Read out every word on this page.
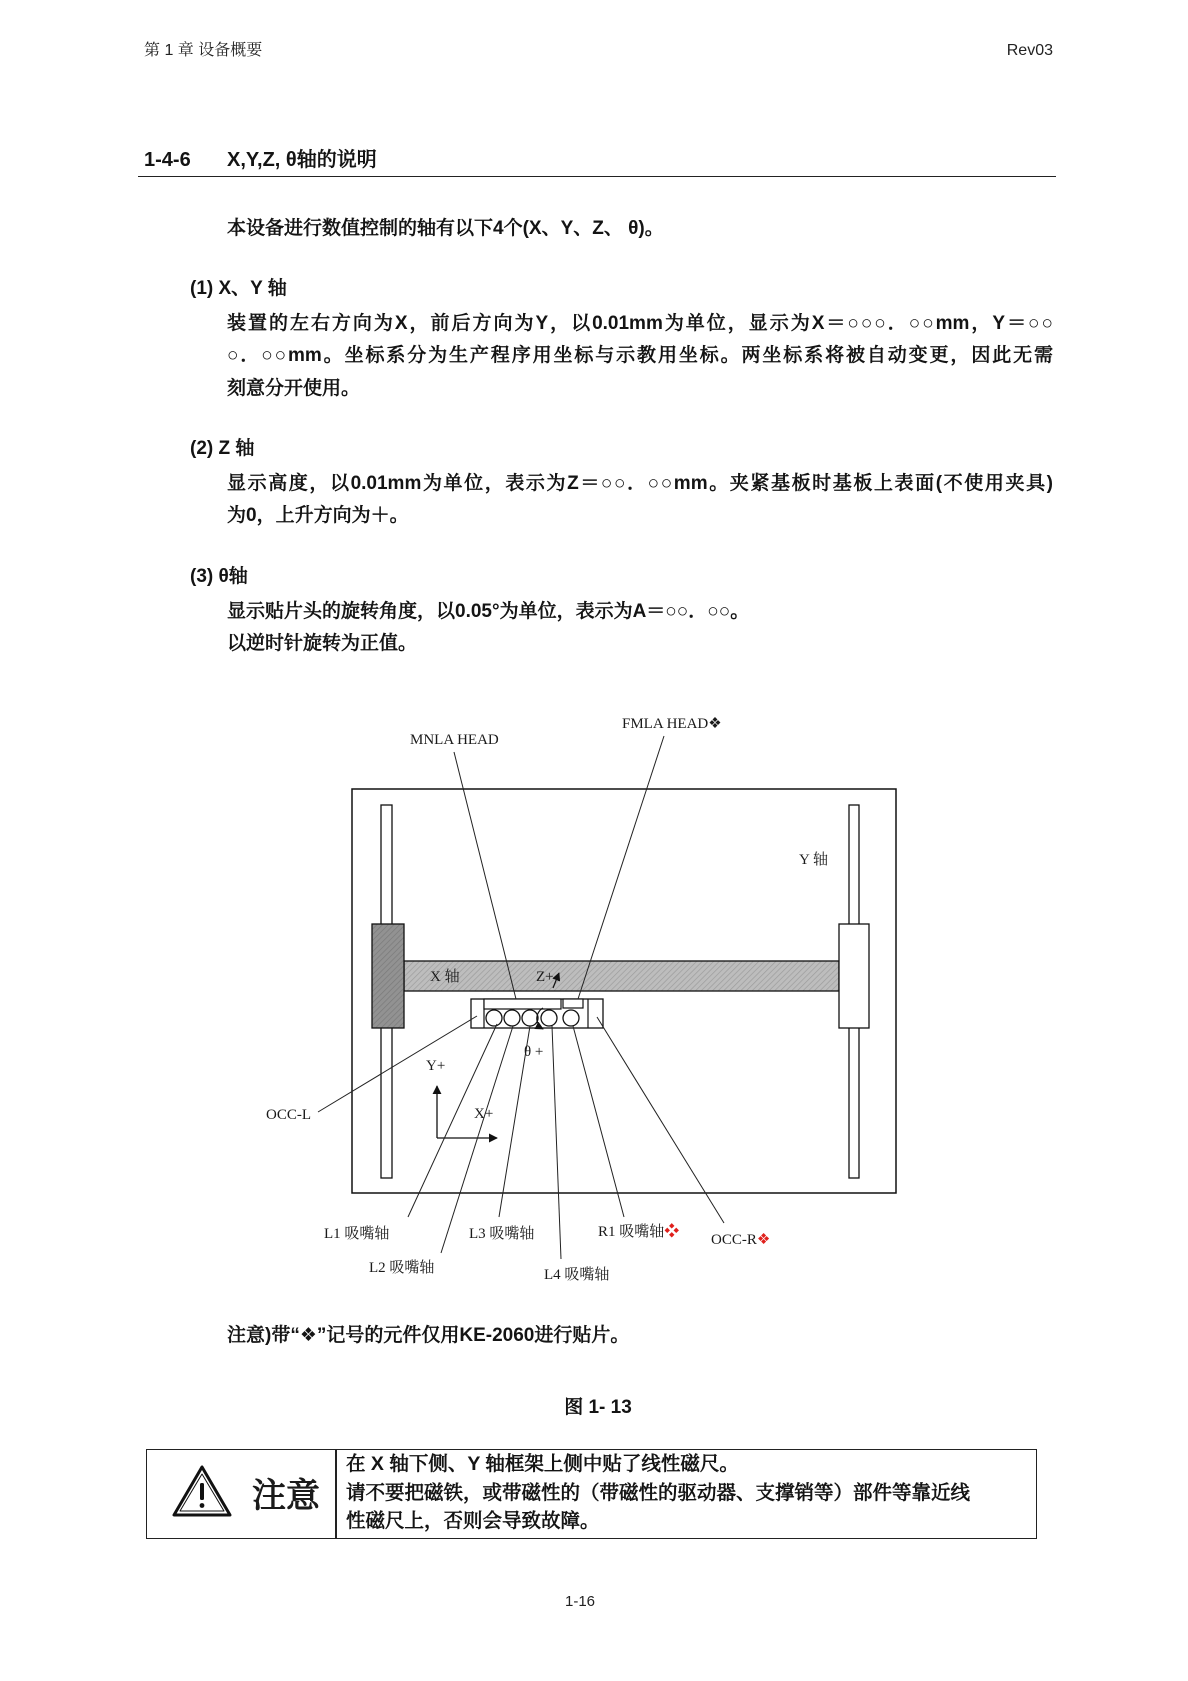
第 1 章 设备概要	Rev03
1-4-6 X,Y,Z, θ轴的说明
本设备进行数值控制的轴有以下4个(X、Y、Z、 θ)。
(1) X、Y 轴
装置的左右方向为X，前后方向为Y，以0.01mm为单位，显示为X＝○○○．○○mm，Y＝○○
○．○○mm。坐标系分为生产程序用坐标与示教用坐标。两坐标系将被自动变更，因此无需
刻意分开使用。
(2) Z 轴
显示高度，以0.01mm为单位，表示为Z＝○○．○○mm。夹紧基板时基板上表面(不使用夹具)
为0，上升方向为＋。
(3) θ轴
显示贴片头的旋转角度，以0.05°为单位，表示为A＝○○．○○。
以逆时针旋转为正值。
MNLA HEAD
FMLA HEAD❖
Y 轴
X 轴	Z+
θ +
Y+
X+
OCC-L
L1 吸嘴轴
L2 吸嘴轴
L3 吸嘴轴
L4 吸嘴轴
R1 吸嘴轴❖ OCC-R❖
注意)带“❖”记号的元件仅用KE-2060进行贴片。
图 1- 13
注意
在 X 轴下侧、Y 轴框架上侧中贴了线性磁尺。
请不要把磁铁，或带磁性的（带磁性的驱动器、支撑销等）部件等靠近线
性磁尺上，否则会导致故障。
1-16
